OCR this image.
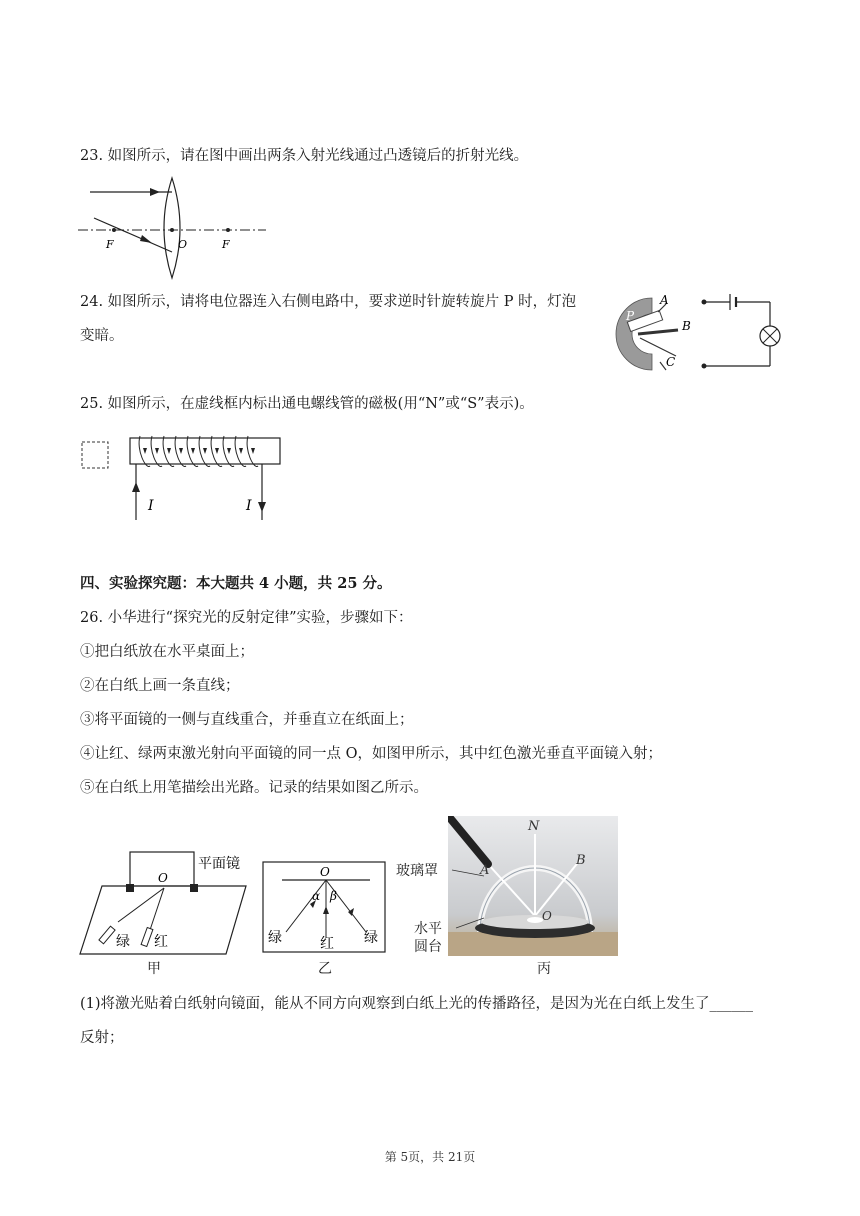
23. 如图所示，请在图中画出两条入射光线通过凸透镜后的折射光线。
F	O	F
24. 如图所示，请将电位器连入右侧电路中，要求逆时针旋转旋片 P 时，灯泡
变暗。
A
B
C
P
25. 如图所示，在虚线框内标出通电螺线管的磁极(用“N”或“S”表示)。
I	I
四、实验探究题：本大题共 4 小题，共 25 分。
26. 小华进行“探究光的反射定律”实验，步骤如下：
①把白纸放在水平桌面上；
②在白纸上画一条直线；
③将平面镜的一侧与直线重合，并垂直立在纸面上；
④让红、绿两束激光射向平面镜的同一点 O，如图甲所示，其中红色激光垂直平面镜入射；
⑤在白纸上用笔描绘出光路。记录的结果如图乙所示。
平面镜
O
绿 红
甲
O
α β
绿	红 绿
乙
玻璃罩
水平
圆台
N
A
B
O
丙
(1)将激光贴着白纸射向镜面，能从不同方向观察到白纸上光的传播路径，是因为光在白纸上发生了______
反射；
第 5页，共 21页
